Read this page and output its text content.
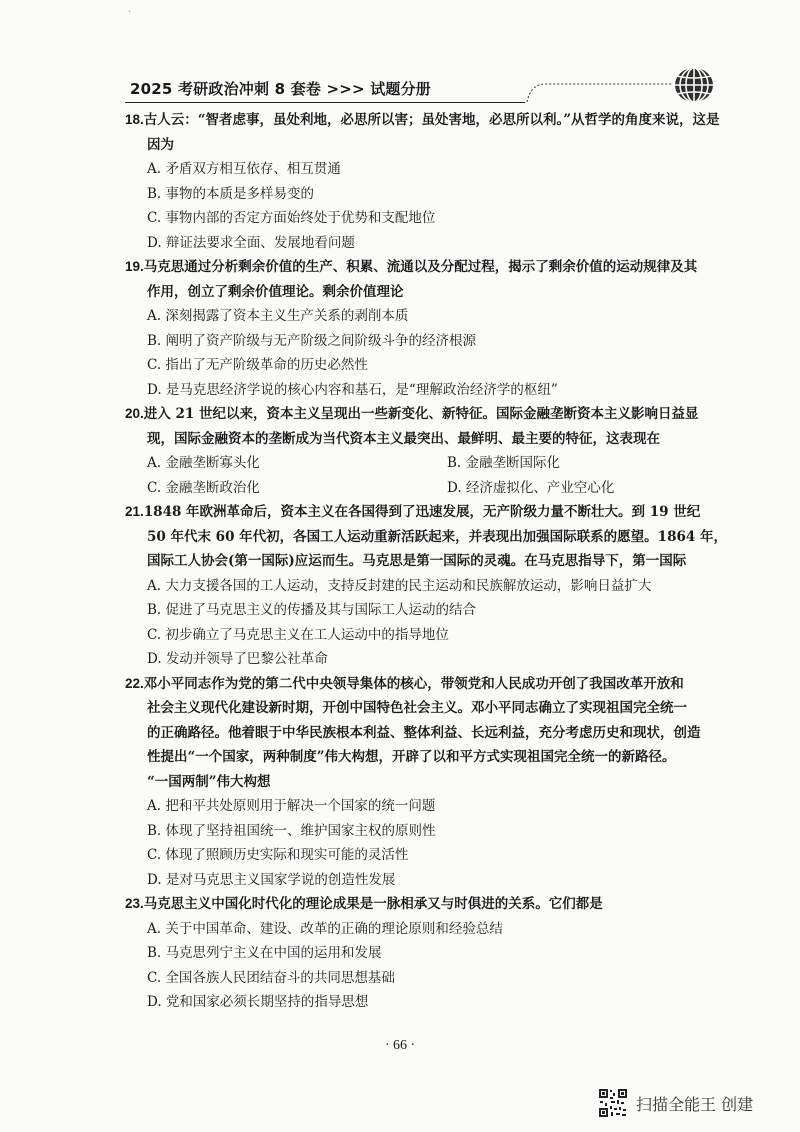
`
2025 考研政治冲刺 8 套卷 >>> 试题分册
18.古人云：“智者虑事，虽处利地，必思所以害；虽处害地，必思所以利。”从哲学的角度来说，这是
因为
A. 矛盾双方相互依存、相互贯通
B. 事物的本质是多样易变的
C. 事物内部的否定方面始终处于优势和支配地位
D. 辩证法要求全面、发展地看问题
19.马克思通过分析剩余价值的生产、积累、流通以及分配过程，揭示了剩余价值的运动规律及其
作用，创立了剩余价值理论。剩余价值理论
A. 深刻揭露了资本主义生产关系的剥削本质
B. 阐明了资产阶级与无产阶级之间阶级斗争的经济根源
C. 指出了无产阶级革命的历史必然性
D. 是马克思经济学说的核心内容和基石，是“理解政治经济学的枢纽”
20.进入 21 世纪以来，资本主义呈现出一些新变化、新特征。国际金融垄断资本主义影响日益显
现，国际金融资本的垄断成为当代资本主义最突出、最鲜明、最主要的特征，这表现在
A. 金融垄断寡头化	B. 金融垄断国际化
C. 金融垄断政治化	D. 经济虚拟化、产业空心化
21.1848 年欧洲革命后，资本主义在各国得到了迅速发展，无产阶级力量不断壮大。到 19 世纪
50 年代末 60 年代初，各国工人运动重新活跃起来，并表现出加强国际联系的愿望。1864 年，
国际工人协会(第一国际)应运而生。马克思是第一国际的灵魂。在马克思指导下，第一国际
A. 大力支援各国的工人运动，支持反封建的民主运动和民族解放运动，影响日益扩大
B. 促进了马克思主义的传播及其与国际工人运动的结合
C. 初步确立了马克思主义在工人运动中的指导地位
D. 发动并领导了巴黎公社革命
22.邓小平同志作为党的第二代中央领导集体的核心，带领党和人民成功开创了我国改革开放和
社会主义现代化建设新时期，开创中国特色社会主义。邓小平同志确立了实现祖国完全统一
的正确路径。他着眼于中华民族根本利益、整体利益、长远利益，充分考虑历史和现状，创造
性提出“一个国家，两种制度”伟大构想，开辟了以和平方式实现祖国完全统一的新路径。
“一国两制”伟大构想
A. 把和平共处原则用于解决一个国家的统一问题
B. 体现了坚持祖国统一、维护国家主权的原则性
C. 体现了照顾历史实际和现实可能的灵活性
D. 是对马克思主义国家学说的创造性发展
23.马克思主义中国化时代化的理论成果是一脉相承又与时俱进的关系。它们都是
A. 关于中国革命、建设、改革的正确的理论原则和经验总结
B. 马克思列宁主义在中国的运用和发展
C. 全国各族人民团结奋斗的共同思想基础
D. 党和国家必须长期坚持的指导思想
· 66 ·
扫描全能王 创建
